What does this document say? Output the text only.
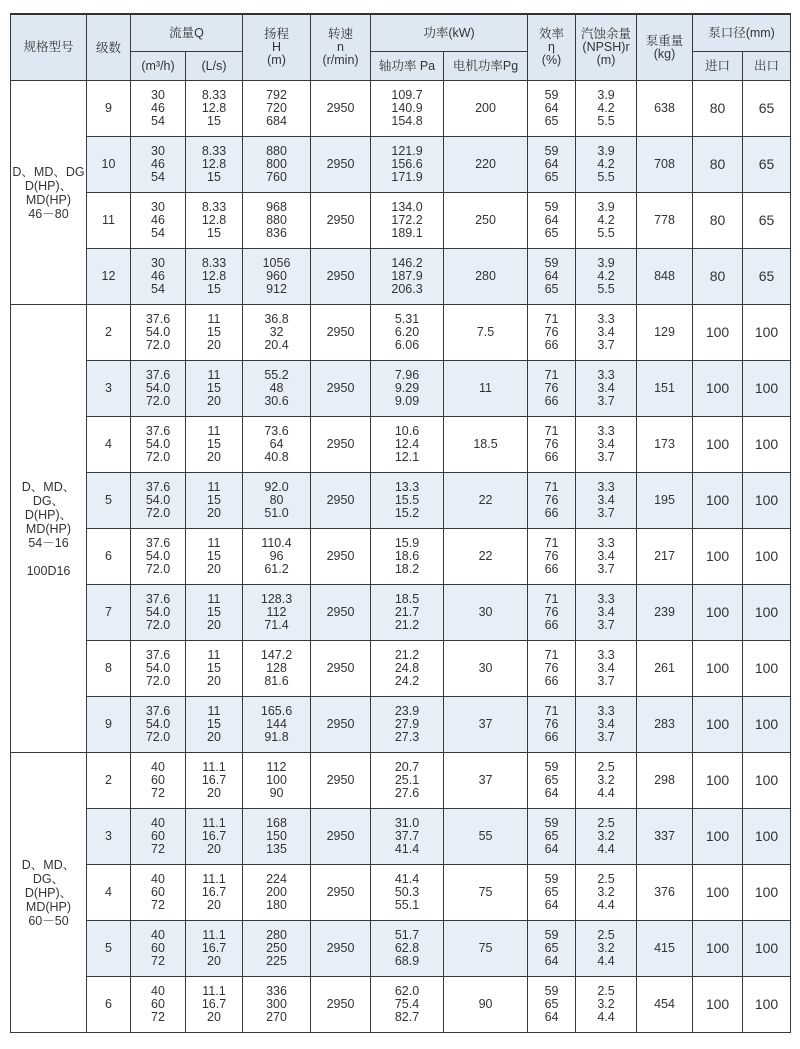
规格型号	级数	流量Q		扬程
H
(m)	转速
n
(r/min)	功率(kW)		效率
η
(%)	汽蚀余量
(NPSH)r
(m)	泵重量
(kg)	泵口径(mm)	
		(m³/h)	(L/s)			轴功率 Pa	电机功率Pg				进口	出口
D、MD、DG
D(HP)、
MD(HP)
46－80	9	30
46
54	8.33
12.8
15	792
720
684	2950	109.7
140.9
154.8	200	59
64
65	3.9
4.2
5.5	638	80	65
	10	30
46
54	8.33
12.8
15	880
800
760	2950	121.9
156.6
171.9	220	59
64
65	3.9
4.2
5.5	708	80	65
	11	30
46
54	8.33
12.8
15	968
880
836	2950	134.0
172.2
189.1	250	59
64
65	3.9
4.2
5.5	778	80	65
	12	30
46
54	8.33
12.8
15	1056
960
912	2950	146.2
187.9
206.3	280	59
64
65	3.9
4.2
5.5	848	80	65
D、MD、DG、
D(HP)、
MD(HP)
54－16

100D16	2	37.6
54.0
72.0	11
15
20	36.8
32
20.4	2950	5.31
6.20
6.06	7.5	71
76
66	3.3
3.4
3.7	129	100	100
	3	37.6
54.0
72.0	11
15
20	55.2
48
30.6	2950	7.96
9.29
9.09	11	71
76
66	3.3
3.4
3.7	151	100	100
	4	37.6
54.0
72.0	11
15
20	73.6
64
40.8	2950	10.6
12.4
12.1	18.5	71
76
66	3.3
3.4
3.7	173	100	100
	5	37.6
54.0
72.0	11
15
20	92.0
80
51.0	2950	13.3
15.5
15.2	22	71
76
66	3.3
3.4
3.7	195	100	100
	6	37.6
54.0
72.0	11
15
20	110.4
96
61.2	2950	15.9
18.6
18.2	22	71
76
66	3.3
3.4
3.7	217	100	100
	7	37.6
54.0
72.0	11
15
20	128.3
112
71.4	2950	18.5
21.7
21.2	30	71
76
66	3.3
3.4
3.7	239	100	100
	8	37.6
54.0
72.0	11
15
20	147.2
128
81.6	2950	21.2
24.8
24.2	30	71
76
66	3.3
3.4
3.7	261	100	100
	9	37.6
54.0
72.0	11
15
20	165.6
144
91.8	2950	23.9
27.9
27.3	37	71
76
66	3.3
3.4
3.7	283	100	100
D、MD、DG、
D(HP)、
MD(HP)
60－50	2	40
60
72	11.1
16.7
20	112
100
90	2950	20.7
25.1
27.6	37	59
65
64	2.5
3.2
4.4	298	100	100
	3	40
60
72	11.1
16.7
20	168
150
135	2950	31.0
37.7
41.4	55	59
65
64	2.5
3.2
4.4	337	100	100
	4	40
60
72	11.1
16.7
20	224
200
180	2950	41.4
50.3
55.1	75	59
65
64	2.5
3.2
4.4	376	100	100
	5	40
60
72	11.1
16.7
20	280
250
225	2950	51.7
62.8
68.9	75	59
65
64	2.5
3.2
4.4	415	100	100
	6	40
60
72	11.1
16.7
20	336
300
270	2950	62.0
75.4
82.7	90	59
65
64	2.5
3.2
4.4	454	100	100
